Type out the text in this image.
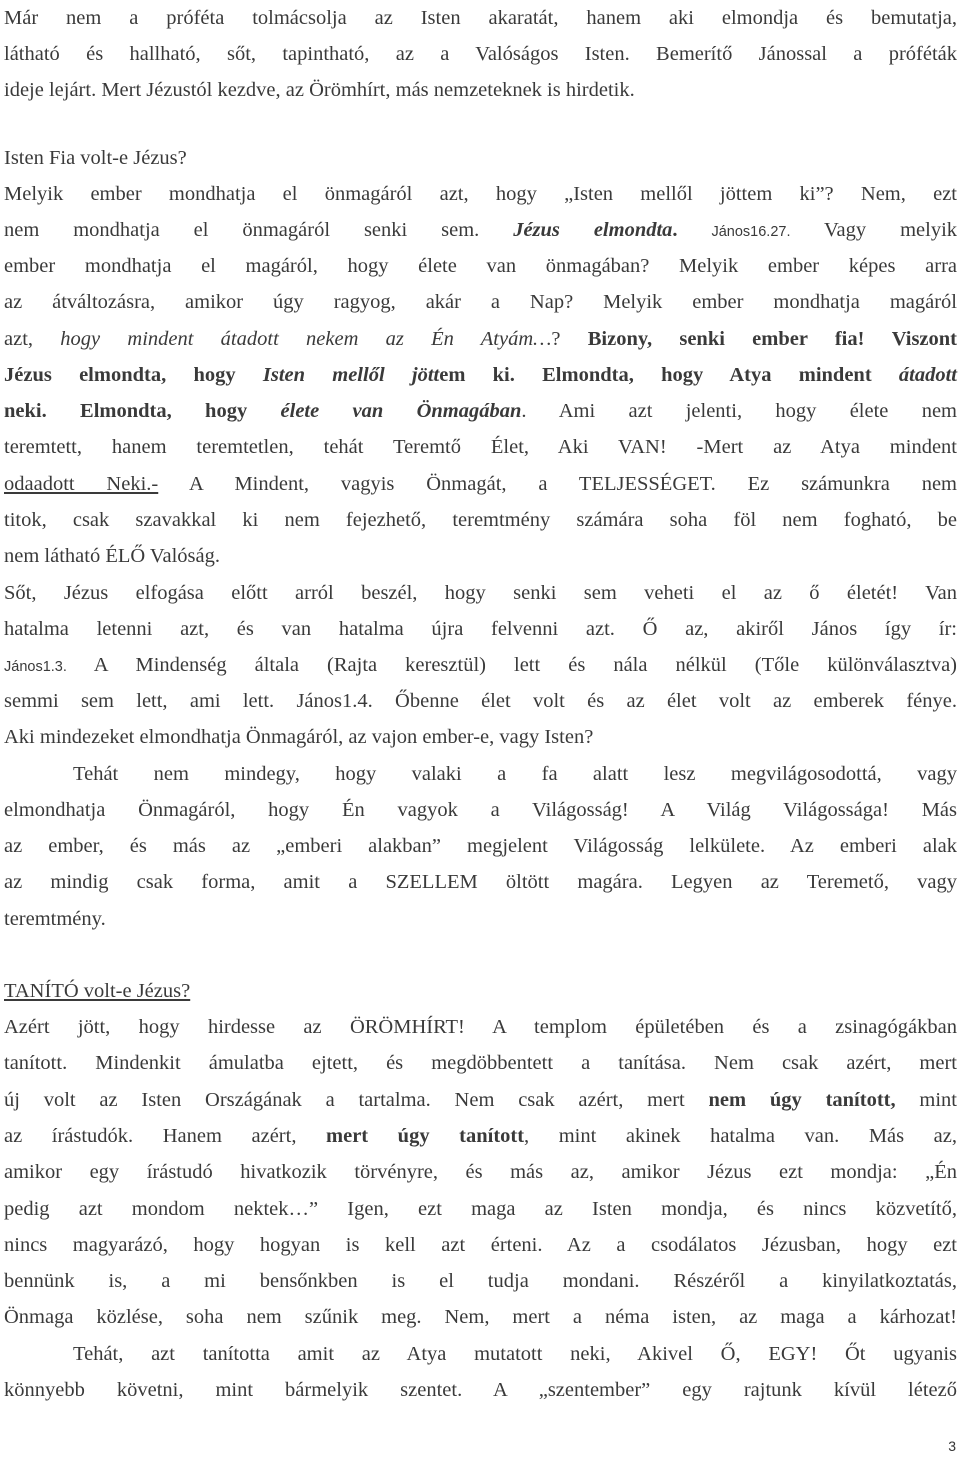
Már nem a próféta tolmácsolja az Isten akaratát, hanem aki elmondja és bemutatja,
látható és hallható, sőt, tapintható, az a Valóságos Isten. Bemerítő Jánossal a próféták
ideje lejárt. Mert Jézustól kezdve, az Örömhírt, más nemzeteknek is hirdetik.
Isten Fia volt-e Jézus?
Melyik ember mondhatja el önmagáról azt, hogy „Isten mellől jöttem ki”? Nem, ezt
nem mondhatja el önmagáról senki sem. Jézus elmondta. János16.27. Vagy melyik
ember mondhatja el magáról, hogy élete van önmagában? Melyik ember képes arra
az átváltozásra, amikor úgy ragyog, akár a Nap? Melyik ember mondhatja magáról
azt, hogy mindent átadott nekem az Én Atyám…? Bizony, senki ember fia! Viszont
Jézus elmondta, hogy Isten mellől jöttem ki. Elmondta, hogy Atya mindent átadott
neki. Elmondta, hogy élete van Önmagában. Ami azt jelenti, hogy élete nem
teremtett, hanem teremtetlen, tehát Teremtő Élet, Aki VAN! -Mert az Atya mindent
odaadott Neki.- A Mindent, vagyis Önmagát, a TELJESSÉGET. Ez számunkra nem
titok, csak szavakkal ki nem fejezhető, teremtmény számára soha föl nem fogható, be
nem látható ÉLŐ Valóság.
Sőt, Jézus elfogása előtt arról beszél, hogy senki sem veheti el az ő életét! Van
hatalma letenni azt, és van hatalma újra felvenni azt. Ő az, akiről János így ír:
János1.3. A Mindenség általa (Rajta keresztül) lett és nála nélkül (Tőle különválasztva)
semmi sem lett, ami lett. János1.4. Őbenne élet volt és az élet volt az emberek fénye.
Aki mindezeket elmondhatja Önmagáról, az vajon ember-e, vagy Isten?
Tehát nem mindegy, hogy valaki a fa alatt lesz megvilágosodottá, vagy
elmondhatja Önmagáról, hogy Én vagyok a Világosság! A Világ Világossága! Más
az ember, és más az „emberi alakban” megjelent Világosság lelkülete. Az emberi alak
az mindig csak forma, amit a SZELLEM öltött magára. Legyen az Teremető, vagy
teremtmény.
TANÍTÓ volt-e Jézus?
Azért jött, hogy hirdesse az ÖRÖMHÍRT! A templom épületében és a zsinagógákban
tanított. Mindenkit ámulatba ejtett, és megdöbbentett a tanítása. Nem csak azért, mert
új volt az Isten Országának a tartalma. Nem csak azért, mert nem úgy tanított, mint
az írástudók. Hanem azért, mert úgy tanított, mint akinek hatalma van. Más az,
amikor egy írástudó hivatkozik törvényre, és más az, amikor Jézus ezt mondja: „Én
pedig azt mondom nektek…” Igen, ezt maga az Isten mondja, és nincs közvetítő,
nincs magyarázó, hogy hogyan is kell azt érteni. Az a csodálatos Jézusban, hogy ezt
bennünk is, a mi bensőnkben is el tudja mondani. Részéről a kinyilatkoztatás,
Önmaga közlése, soha nem szűnik meg. Nem, mert a néma isten, az maga a kárhozat!
Tehát, azt tanította amit az Atya mutatott neki, Akivel Ő, EGY! Őt ugyanis
könnyebb követni, mint bármelyik szentet. A „szentember” egy rajtunk kívül létező
3
